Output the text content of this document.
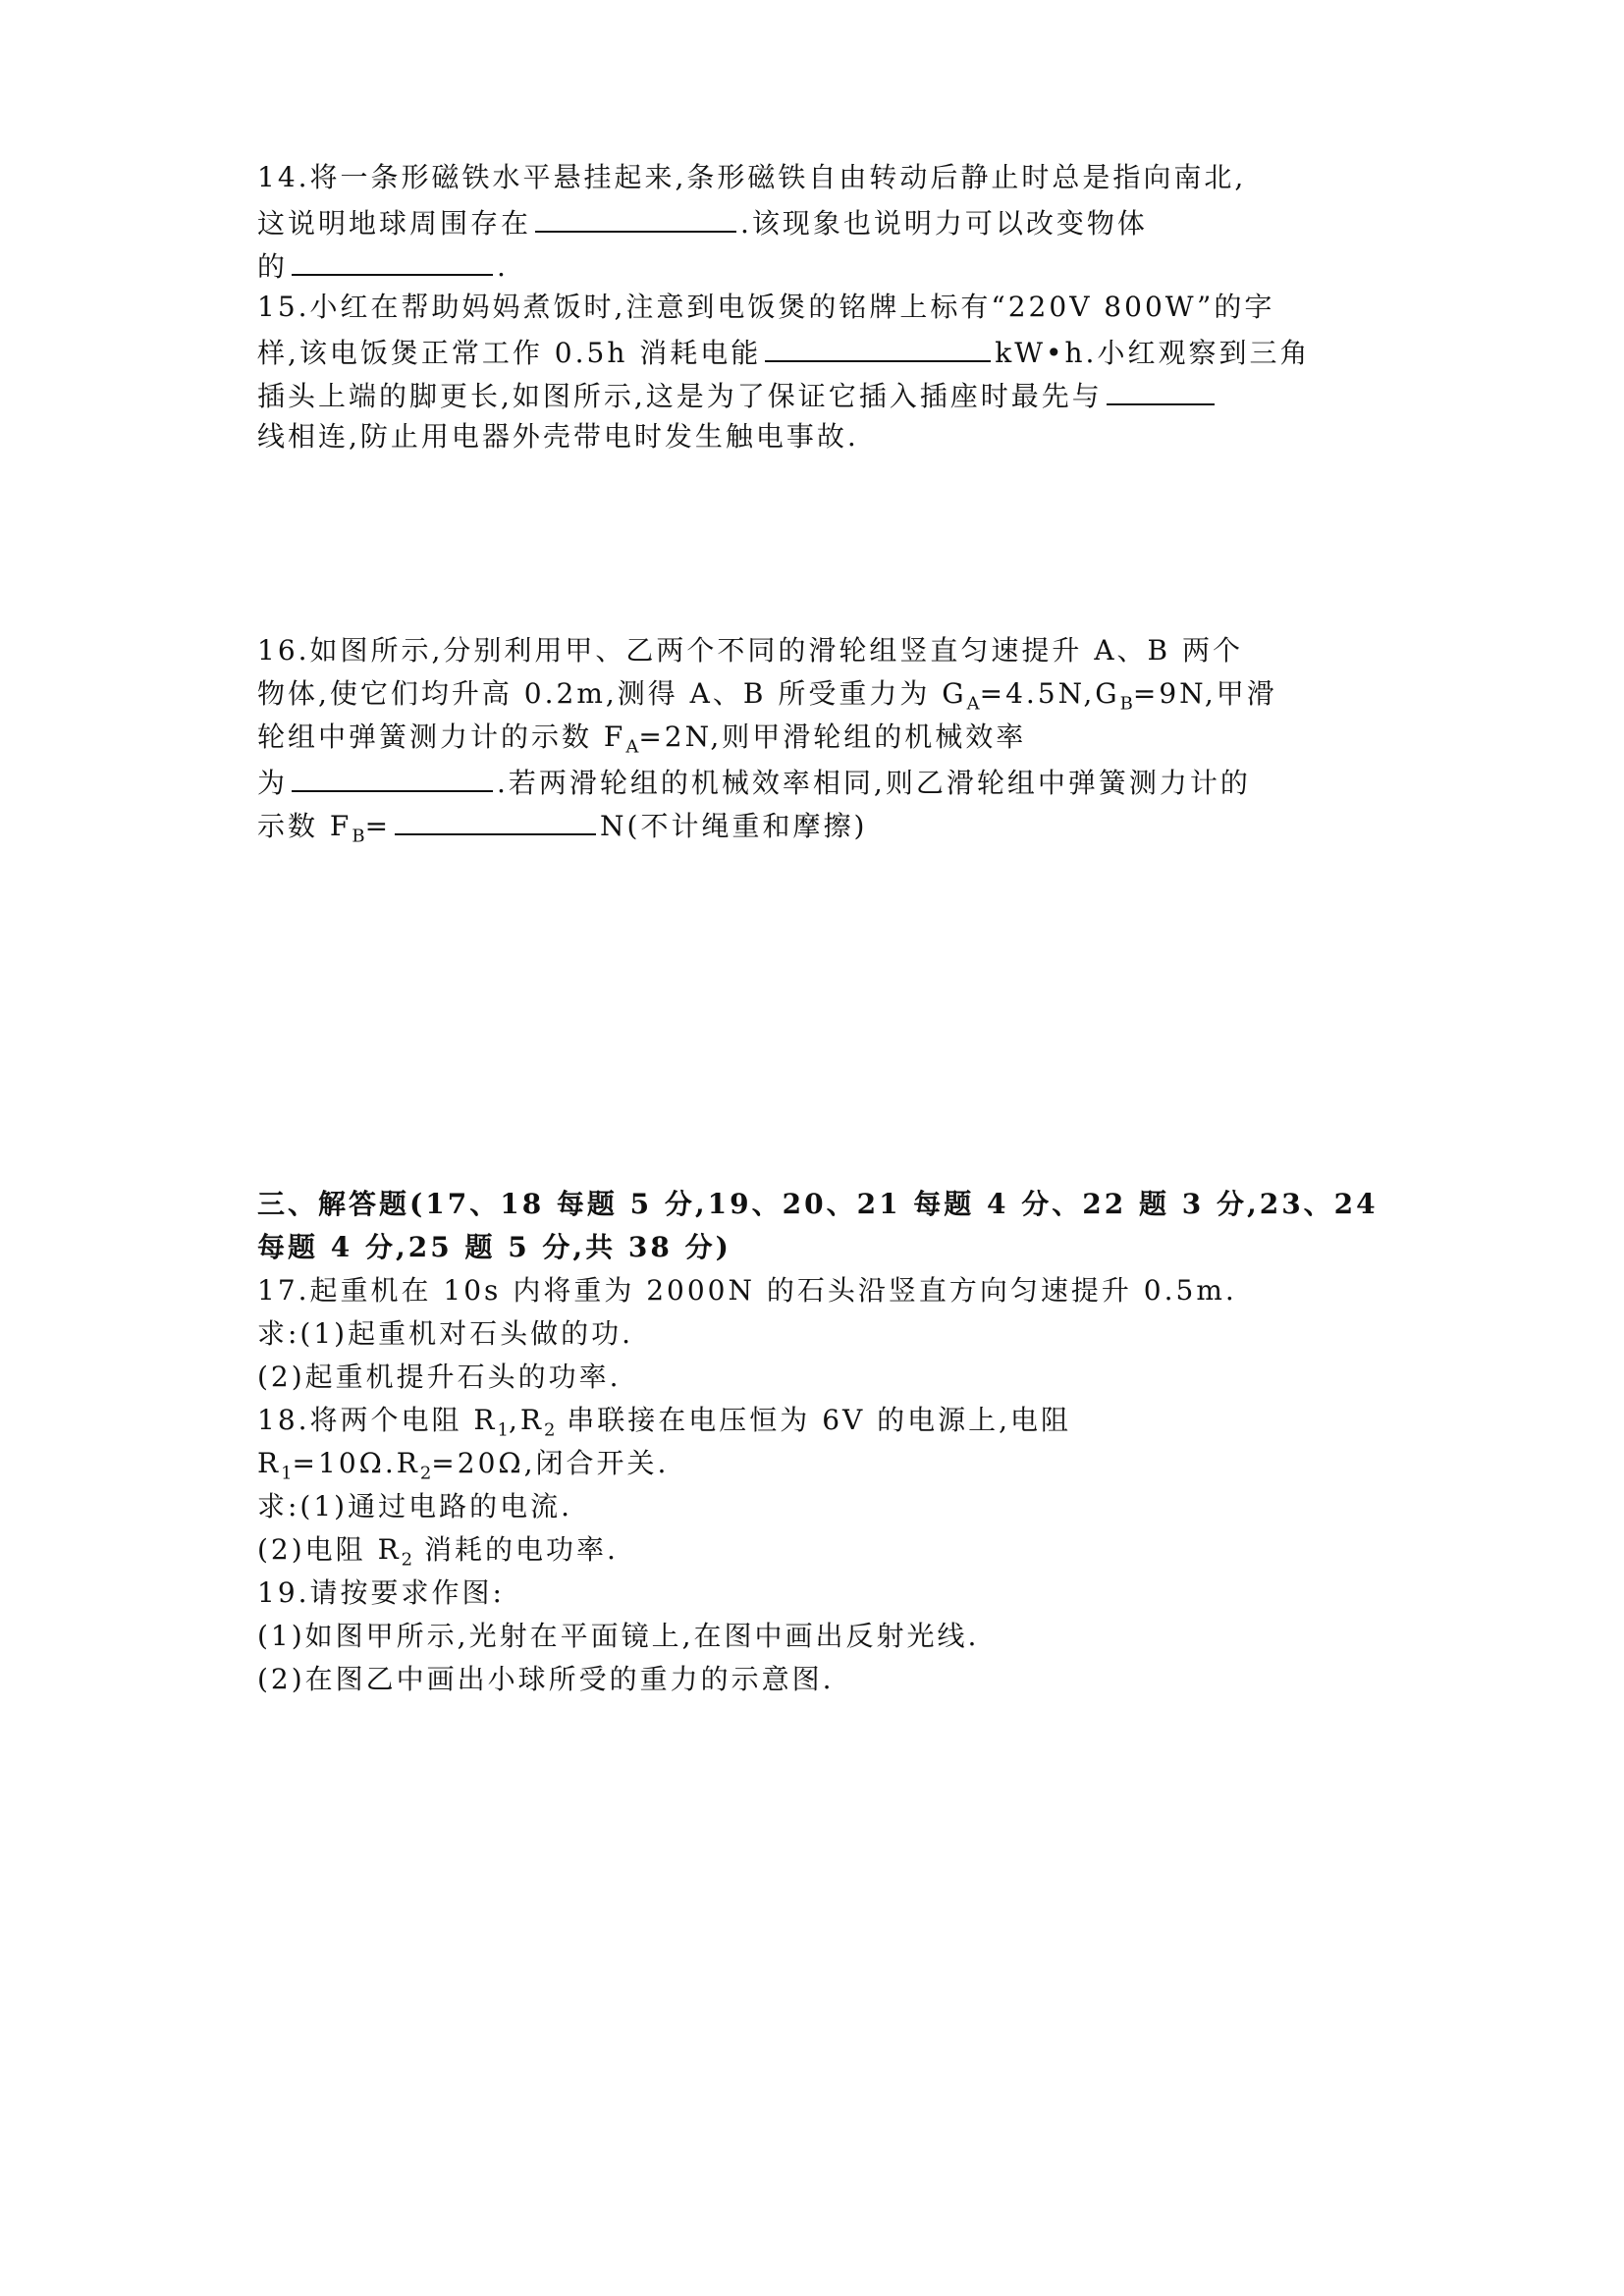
14.将一条形磁铁水平悬挂起来,条形磁铁自由转动后静止时总是指向南北,

这说明地球周围存在	.该现象也说明力可以改变物体

的	.

15.小红在帮助妈妈煮饭时,注意到电饭煲的铭牌上标有“220V 800W”的字

样,该电饭煲正常工作 0.5h 消耗电能	kW•h.小红观察到三角

插头上端的脚更长,如图所示,这是为了保证它插入插座时最先与

线相连,防止用电器外壳带电时发生触电事故.

16.如图所示,分别利用甲、乙两个不同的滑轮组竖直匀速提升 A、B 两个

物体,使它们均升高 0.2m,测得 A、B 所受重力为 $G_A=4.5N,G_B=9N$,甲滑

轮组中弹簧测力计的示数 $F_A=2N$,则甲滑轮组的机械效率

为	.若两滑轮组的机械效率相同,则乙滑轮组中弹簧测力计的

示数 $F_B=$	N(不计绳重和摩擦)

三、解答题(17、18 每题 5 分,19、20、21 每题 4 分、22 题 3 分,23、24

每题 4 分,25 题 5 分,共 38 分)

17.起重机在 10s 内将重为 2000N 的石头沿竖直方向匀速提升 0.5m.

求:(1)起重机对石头做的功.

(2)起重机提升石头的功率.

18.将两个电阻 $R_1,R_2$ 串联接在电压恒为 6V 的电源上,电阻

$R_1=10\Omega.R_2=20\Omega$,闭合开关.

求:(1)通过电路的电流.

(2)电阻 $R_2$ 消耗的电功率.

19.请按要求作图:

(1)如图甲所示,光射在平面镜上,在图中画出反射光线.

(2)在图乙中画出小球所受的重力的示意图.
